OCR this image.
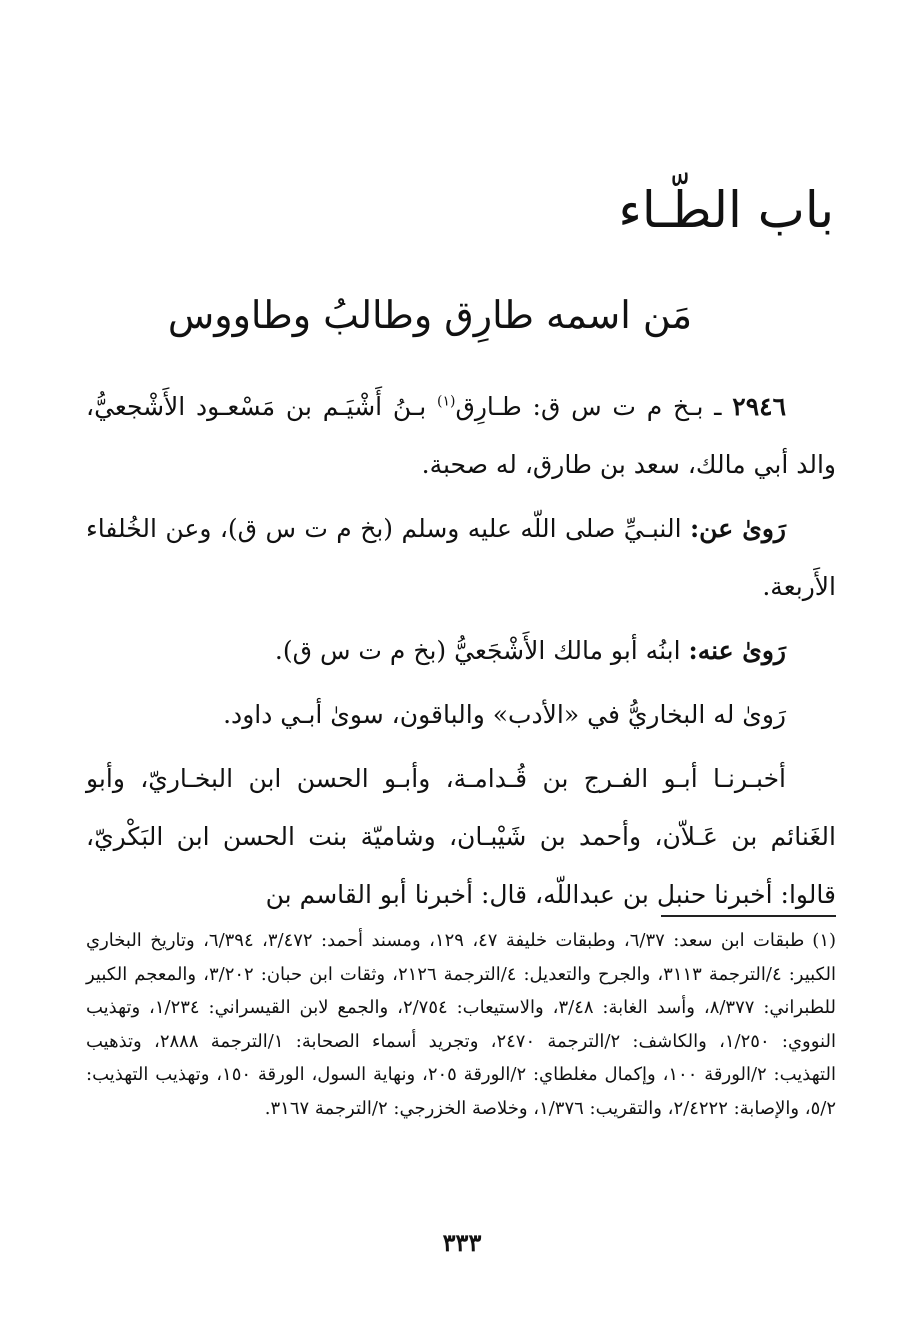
باب الطّـاء
مَن اسمه طارِق وطالبُ وطاووس

٢٩٤٦ ـ بـخ م ت س ق: طـارِق$^{(١)}$ بـنُ أَشْيَـم بن مَسْعـود الأَشْجعيُّ، والد أبي مالك، سعد بن طارق، له صحبة.

رَوىٰ عن: النبـيِّ صلى اللّه عليه وسلم (بخ م ت س ق)، وعن الخُلفاء الأَربعة.

رَوىٰ عنه: ابنُه أبو مالك الأَشْجَعيُّ (بخ م ت س ق).

رَوىٰ له البخاريُّ في «الأدب» والباقون، سوىٰ أبـي داود.

أخبـرنـا أبـو الفـرج بن قُـدامـة، وأبـو الحسن ابن البخـاريّ، وأبو الغَنائم بن عَـلاّن، وأحمد بن شَيْبـان، وشاميّة بنت الحسن ابن البَكْريّ، قالوا: أخبرنا حنبل بن عبداللّه، قال: أخبرنا أبو القاسم بن

(١)طبقات ابن سعد: ٦/٣٧، وطبقات خليفة ٤٧، ١٢٩، ومسند أحمد: ٣/٤٧٢، ٦/٣٩٤، وتاريخ البخاري الكبير: ٤/الترجمة ٣١١٣، والجرح والتعديل: ٤/الترجمة ٢١٢٦، وثقات ابن حبان: ٣/٢٠٢، والمعجم الكبير للطبراني: ٨/٣٧٧، وأسد الغابة: ٣/٤٨، والاستيعاب: ٢/٧٥٤، والجمع لابن القيسراني: ١/٢٣٤، وتهذيب النووي: ١/٢٥٠، والكاشف: ٢/الترجمة ٢٤٧٠، وتجريد أسماء الصحابة: ١/الترجمة ٢٨٨٨، وتذهيب التهذيب: ٢/الورقة ١٠٠، وإكمال مغلطاي: ٢/الورقة ٢٠٥، ونهاية السول، الورقة ١٥٠، وتهذيب التهذيب: ٥/٢، والإصابة: ٢/٤٢٢٢، والتقريب: ١/٣٧٦، وخلاصة الخزرجي: ٢/الترجمة ٣١٦٧.

٣٣٣
